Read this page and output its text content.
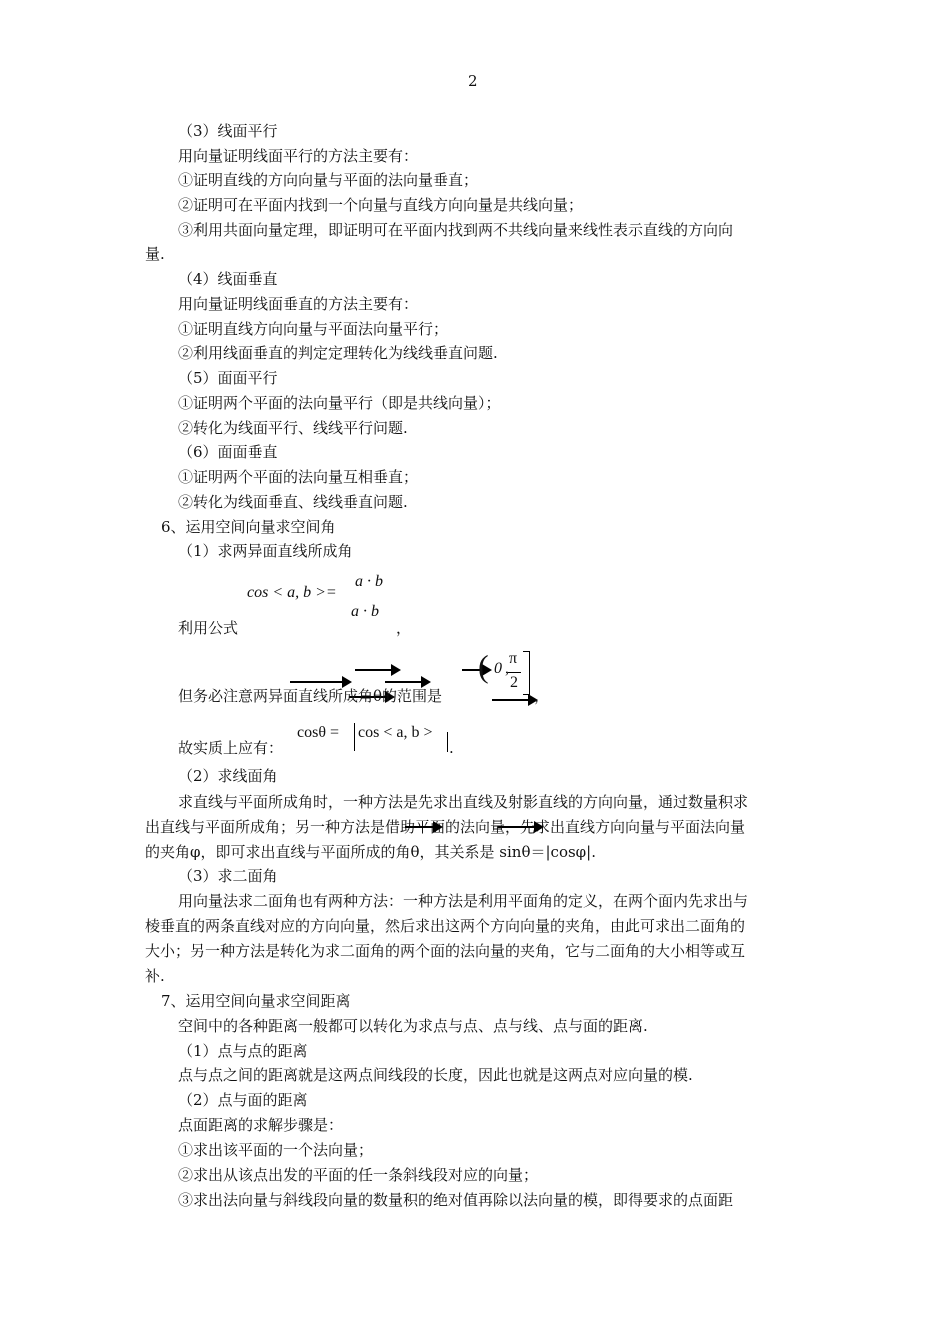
2
（3）线面平行
用向量证明线面平行的方法主要有：
①证明直线的方向向量与平面的法向量垂直；
②证明可在平面内找到一个向量与直线方向向量是共线向量；
③利用共面向量定理，即证明可在平面内找到两不共线向量来线性表示直线的方向向
量.
（4）线面垂直
用向量证明线面垂直的方法主要有：
①证明直线方向向量与平面法向量平行；
②利用线面垂直的判定定理转化为线线垂直问题.
（5）面面平行
①证明两个平面的法向量平行（即是共线向量）；
②转化为线面平行、线线平行问题.
（6）面面垂直
①证明两个平面的法向量互相垂直；
②转化为线面垂直、线线垂直问题.
6、运用空间向量求空间角
（1）求两异面直线所成角
cos < a, b >=
a · b
a · b
利用公式	，
但务必注意两异面直线所成角θ的范围是
( 0 ,
π
2
，
cosθ = cos < a, b >
故实质上应有：	.
（2）求线面角
求直线与平面所成角时，一种方法是先求出直线及射影直线的方向向量，通过数量积求
出直线与平面所成角；另一种方法是借助平面的法向量，先求出直线方向向量与平面法向量
的夹角φ，即可求出直线与平面所成的角θ，其关系是 sinθ＝|cosφ|.
（3）求二面角
用向量法求二面角也有两种方法：一种方法是利用平面角的定义，在两个面内先求出与
棱垂直的两条直线对应的方向向量，然后求出这两个方向向量的夹角，由此可求出二面角的
大小；另一种方法是转化为求二面角的两个面的法向量的夹角，它与二面角的大小相等或互
补.
7、运用空间向量求空间距离
空间中的各种距离一般都可以转化为求点与点、点与线、点与面的距离.
（1）点与点的距离
点与点之间的距离就是这两点间线段的长度，因此也就是这两点对应向量的模.
（2）点与面的距离
点面距离的求解步骤是：
①求出该平面的一个法向量；
②求出从该点出发的平面的任一条斜线段对应的向量；
③求出法向量与斜线段向量的数量积的绝对值再除以法向量的模，即得要求的点面距
